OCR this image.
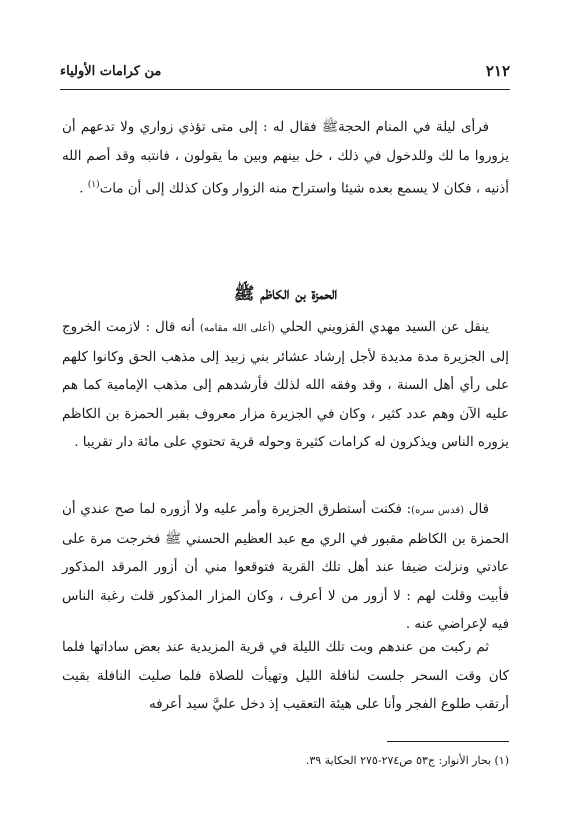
٢١٢
من كرامات الأولياء
فرأى ليلة في المنام الحجةﷺ فقال له : إلى متى تؤذي زواري ولا تدعهم أن يزوروا ما لك وللدخول في ذلك ، خل بينهم وبين ما يقولون ، فانتبه وقد أصم الله أذنيه ، فكان لا يسمع بعده شيئا واستراح منه الزوار وكان كذلك إلى أن مات$^{(١)}$ .
الحمزة بن الكاظم ﷺ
ينقل عن السيد مهدي القزويني الحلي (أعلى الله مقامه) أنه قال : لازمت الخروج إلى الجزيرة مدة مديدة لأجل إرشاد عشائر بني زبيد إلى مذهب الحق وكانوا كلهم على رأي أهل السنة ، وقد وفقه الله لذلك فأرشدهم إلى مذهب الإمامية كما هم عليه الآن وهم عدد كثير ، وكان في الجزيرة مزار معروف بقبر الحمزة بن الكاظم يزوره الناس ويذكرون له كرامات كثيرة وحوله قرية تحتوي على مائة دار تقريبا .
قال (قدس سره): فكنت أستطرق الجزيرة وأمر عليه ولا أزوره لما صح عندي أن الحمزة بن الكاظم مقبور في الري مع عبد العظيم الحسني ﷺ فخرجت مرة على عادتي ونزلت ضيفا عند أهل تلك القرية فتوقعوا مني أن أزور المرقد المذكور فأبيت وقلت لهم : لا أزور من لا أعرف ، وكان المزار المذكور قلت رغبة الناس فيه لإعراضي عنه .
ثم ركبت من عندهم وبت تلك الليلة في قرية المزيدية عند بعض ساداتها فلما كان وقت السحر جلست لنافلة الليل وتهيأت للصلاة فلما صليت النافلة بقيت أرتقب طلوع الفجر وأنا على هيئة التعقيب إذ دخل عليَّ سيد أعرفه
(١) بحار الأنوار: ج٥٣ ص٢٧٤-٢٧٥ الحكاية ٣٩.
